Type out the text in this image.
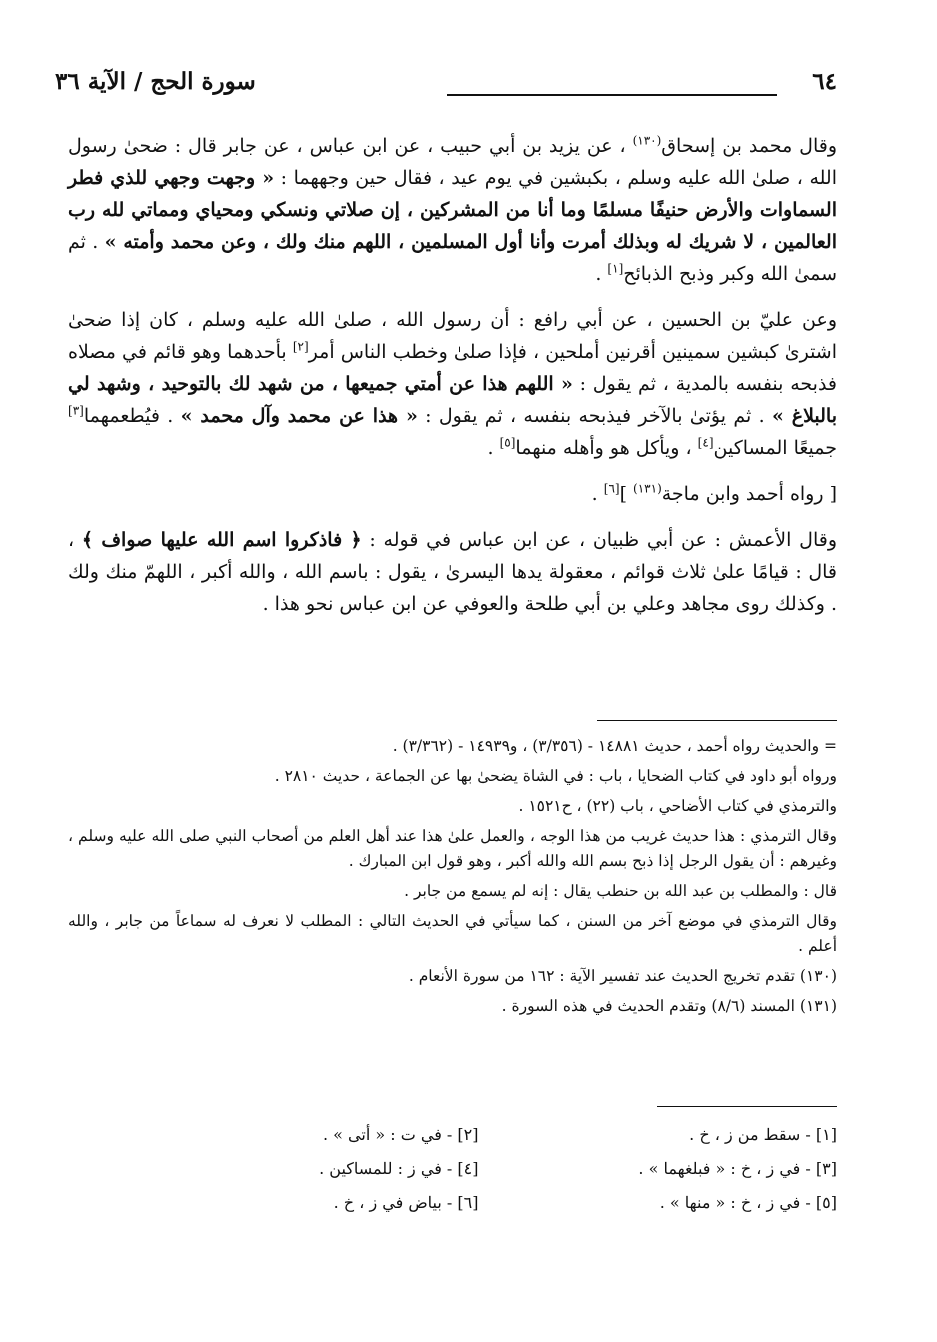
٦٤
سورة الحج / الآية ٣٦

وقال محمد بن إسحاق$^{(١٣٠)}$ ، عن يزيد بن أبي حبيب ، عن ابن عباس ، عن جابر قال : ضحىٰ رسول الله ، صلىٰ الله عليه وسلم ، بكبشين في يوم عيد ، فقال حين وجههما : « وجهت وجهي للذي فطر السماوات والأرض حنيفًا مسلمًا وما أنا من المشركين ، إن صلاتي ونسكي ومحياي ومماتي لله رب العالمين ، لا شريك له وبذلك أمرت وأنا أول المسلمين ، اللهم منك ولك ، وعن محمد وأمته » . ثم سمىٰ الله وكبر وذبح الذبائح[١] .

وعن عليّ بن الحسين ، عن أبي رافع : أن رسول الله ، صلىٰ الله عليه وسلم ، كان إذا ضحىٰ اشترىٰ كبشين سمينين أقرنين أملحين ، فإذا صلىٰ وخطب الناس أمر[٢] بأحدهما وهو قائم في مصلاه فذبحه بنفسه بالمدية ، ثم يقول : « اللهم هذا عن أمتي جميعها ، من شهد لك بالتوحيد ، وشهد لي بالبلاغ » . ثم يؤتىٰ بالآخر فيذبحه بنفسه ، ثم يقول : « هذا عن محمد وآل محمد » . فيُطعمهما[٣] جميعًا المساكين[٤] ، ويأكل هو وأهله منهما[٥] .

[ رواه أحمد وابن ماجة$^{(١٣١)}$ ][٦] .

وقال الأعمش : عن أبي ظبيان ، عن ابن عباس في قوله : ﴿ فاذكروا اسم الله عليها صواف ﴾ ، قال : قيامًا علىٰ ثلاث قوائم ، معقولة يدها اليسرىٰ ، يقول : باسم الله ، والله أكبر ، اللهمّ منك ولك . وكذلك روى مجاهد وعلي بن أبي طلحة والعوفي عن ابن عباس نحو هذا .

= والحديث رواه أحمد ، حديث ١٤٨٨١ - (٣/٣٥٦) ، و١٤٩٣٩ - (٣/٣٦٢) .

ورواه أبو داود في كتاب الضحايا ، باب : في الشاة يضحىٰ بها عن الجماعة ، حديث ٢٨١٠ .

والترمذي في كتاب الأضاحي ، باب (٢٢) ، ح١٥٢١ .

وقال الترمذي : هذا حديث غريب من هذا الوجه ، والعمل علىٰ هذا عند أهل العلم من أصحاب النبي صلى الله عليه وسلم ، وغيرهم : أن يقول الرجل إذا ذبح بسم الله والله أكبر ، وهو قول ابن المبارك .

قال : والمطلب بن عبد الله بن حنطب يقال : إنه لم يسمع من جابر .

وقال الترمذي في موضع آخر من السنن ، كما سيأتي في الحديث التالي : المطلب لا نعرف له سماعاً من جابر ، والله أعلم .

(١٣٠) تقدم تخريج الحديث عند تفسير الآية : ١٦٢ من سورة الأنعام .

(١٣١) المسند (٨/٦) وتقدم الحديث في هذه السورة .

[١] - سقط من ز ، خ .
[٢] - في ت : « أتى » .
[٣] - في ز ، خ : « فبلغهما » .
[٤] - في ز : للمساكين .
[٥] - في ز ، خ : « منها » .
[٦] - بياض في ز ، خ .
